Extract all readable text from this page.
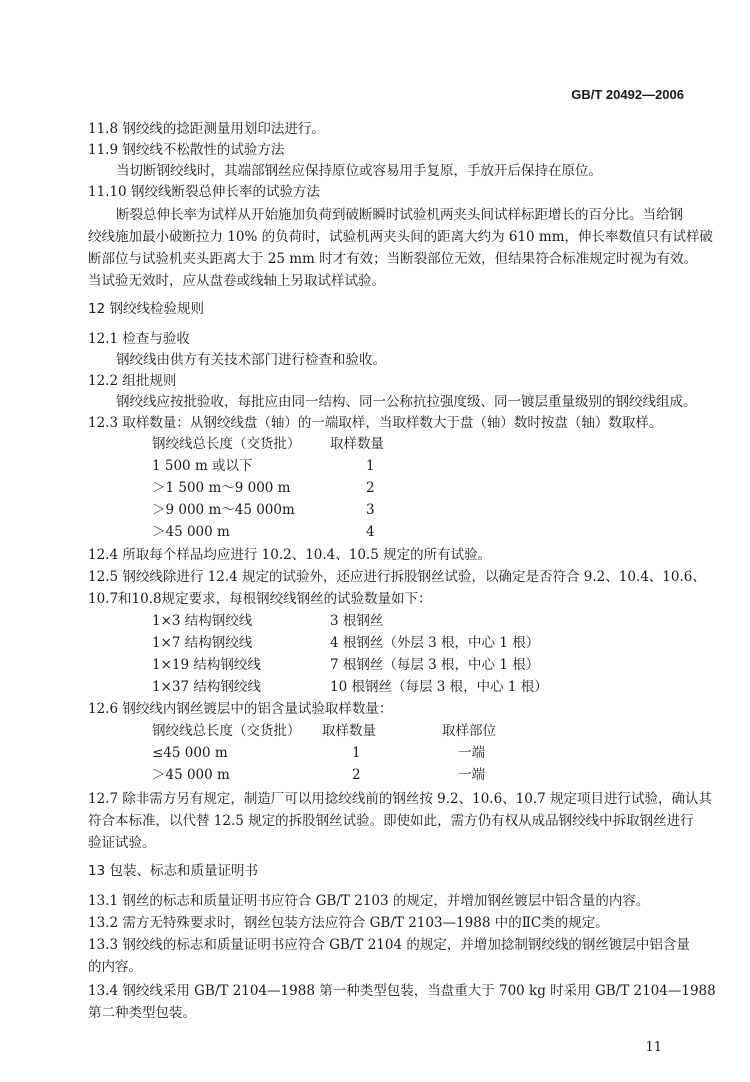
GB/T 20492—2006
11.8 钢绞线的捻距测量用划印法进行。
11.9 钢绞线不松散性的试验方法
当切断钢绞线时，其端部钢丝应保持原位或容易用手复原，手放开后保持在原位。
11.10 钢绞线断裂总伸长率的试验方法
断裂总伸长率为试样从开始施加负荷到破断瞬时试验机两夹头间试样标距增长的百分比。当给钢
绞线施加最小破断拉力 10% 的负荷时，试验机两夹头间的距离大约为 610 mm，伸长率数值只有试样破
断部位与试验机夹头距离大于 25 mm 时才有效；当断裂部位无效，但结果符合标准规定时视为有效。
当试验无效时，应从盘卷或线轴上另取试样试验。
12 钢绞线检验规则
12.1 检查与验收
钢绞线由供方有关技术部门进行检查和验收。
12.2 组批规则
钢绞线应按批验收，每批应由同一结构、同一公称抗拉强度级、同一镀层重量级别的钢绞线组成。
12.3 取样数量：从钢绞线盘（轴）的一端取样，当取样数大于盘（轴）数时按盘（轴）数取样。
钢绞线总长度（交货批） 取样数量
1 500 m 或以下	1
＞1 500 m～9 000 m	2
＞9 000 m～45 000m	3
＞45 000 m	4
12.4 所取每个样品均应进行 10.2、10.4、10.5 规定的所有试验。
12.5 钢绞线除进行 12.4 规定的试验外，还应进行拆股钢丝试验，以确定是否符合 9.2、10.4、10.6、
10.7和10.8规定要求，每根钢绞线钢丝的试验数量如下：
1×3 结构钢绞线	3 根钢丝
1×7 结构钢绞线	4 根钢丝（外层 3 根，中心 1 根）
1×19 结构钢绞线	7 根钢丝（每层 3 根，中心 1 根）
1×37 结构钢绞线	10 根钢丝（每层 3 根，中心 1 根）
12.6 钢绞线内钢丝镀层中的铝含量试验取样数量：
钢绞线总长度（交货批） 取样数量	取样部位
≤45 000 m	1	一端
＞45 000 m	2	一端
12.7 除非需方另有规定，制造厂可以用捻绞线前的钢丝按 9.2、10.6、10.7 规定项目进行试验，确认其
符合本标准，以代替 12.5 规定的拆股钢丝试验。即使如此，需方仍有权从成品钢绞线中拆取钢丝进行
验证试验。
13 包装、标志和质量证明书
13.1 钢丝的标志和质量证明书应符合 GB/T 2103 的规定，并增加钢丝镀层中铝含量的内容。
13.2 需方无特殊要求时，钢丝包装方法应符合 GB/T 2103—1988 中的ⅡC类的规定。
13.3 钢绞线的标志和质量证明书应符合 GB/T 2104 的规定，并增加捻制钢绞线的钢丝镀层中铝含量
的内容。
13.4 钢绞线采用 GB/T 2104—1988 第一种类型包装，当盘重大于 700 kg 时采用 GB/T 2104—1988
第二种类型包装。
11
